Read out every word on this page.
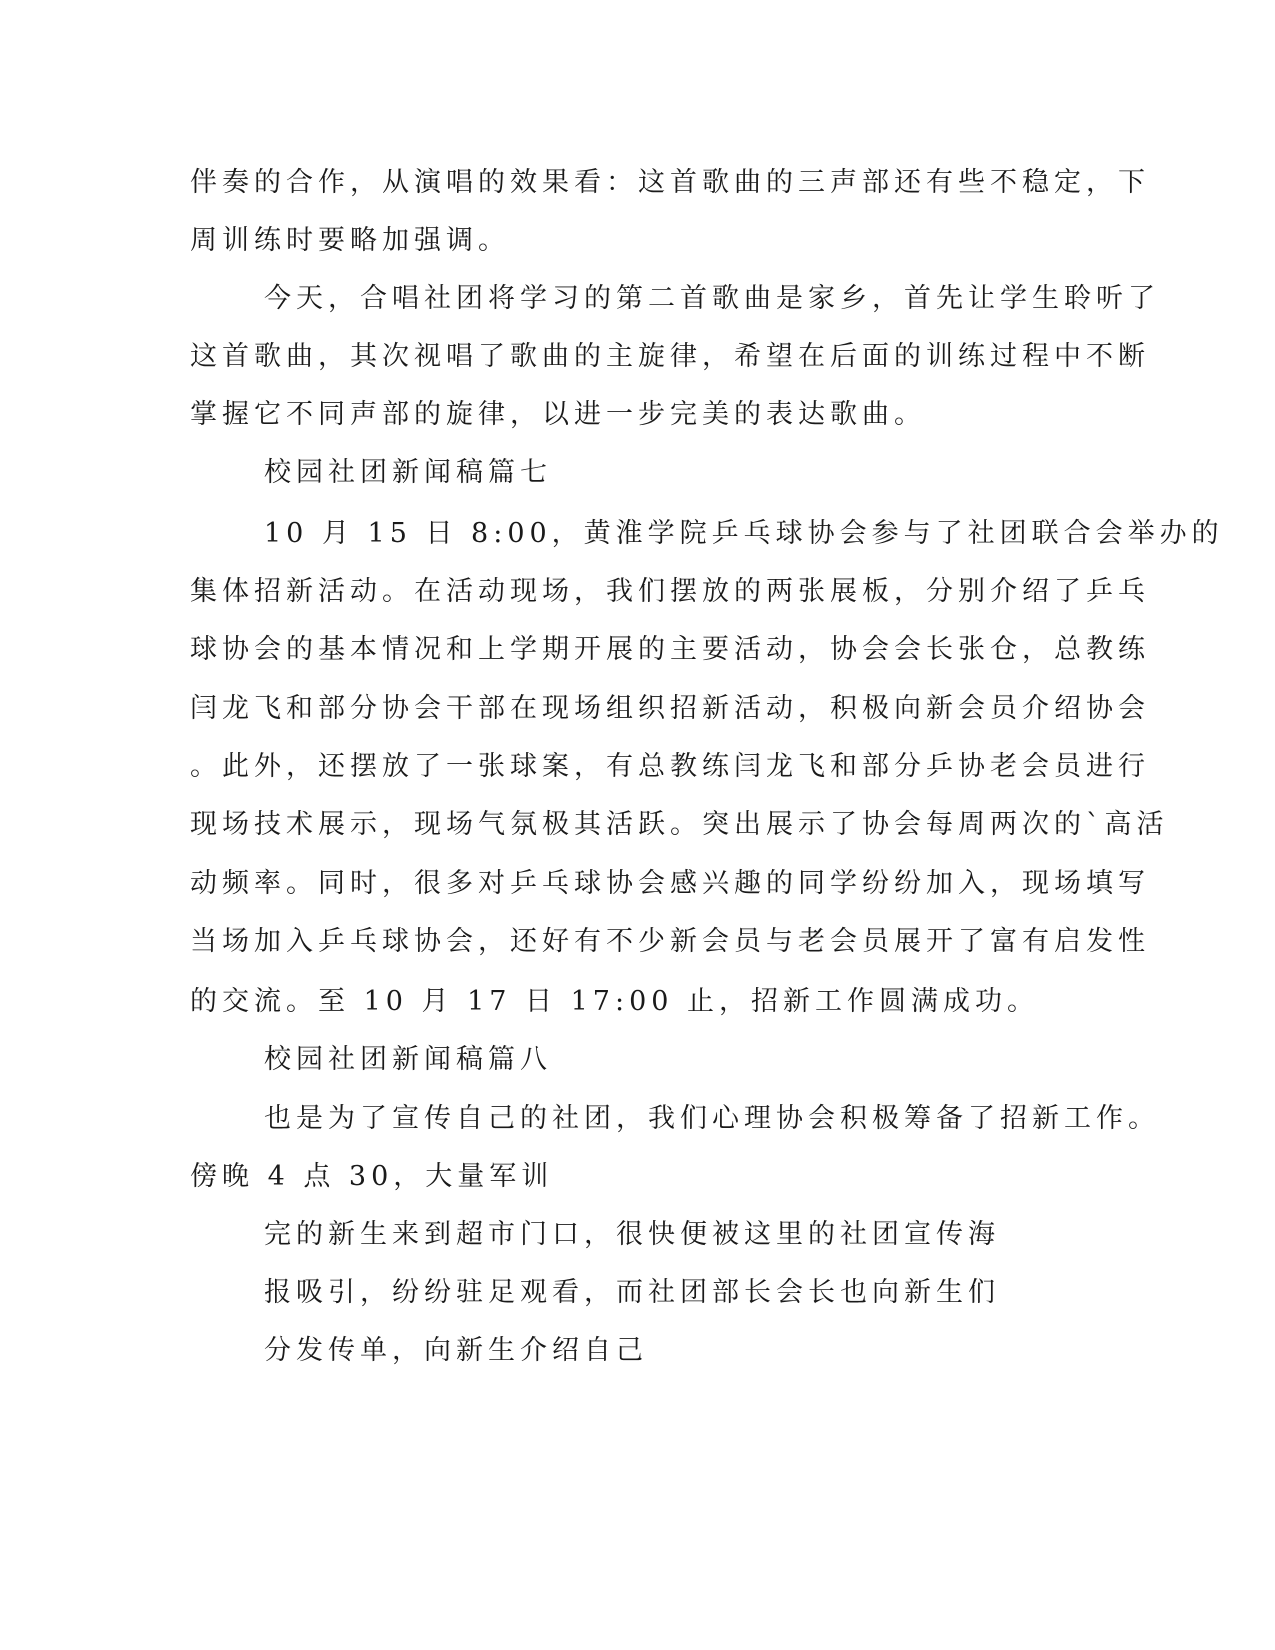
伴奏的合作，从演唱的效果看：这首歌曲的三声部还有些不稳定，下
周训练时要略加强调。
今天，合唱社团将学习的第二首歌曲是家乡，首先让学生聆听了
这首歌曲，其次视唱了歌曲的主旋律，希望在后面的训练过程中不断
掌握它不同声部的旋律，以进一步完美的表达歌曲。
校园社团新闻稿篇七
10 月 15 日 8:00，黄淮学院乒乓球协会参与了社团联合会举办的
集体招新活动。在活动现场，我们摆放的两张展板，分别介绍了乒乓
球协会的基本情况和上学期开展的主要活动，协会会长张仓，总教练
闫龙飞和部分协会干部在现场组织招新活动，积极向新会员介绍协会
。此外，还摆放了一张球案，有总教练闫龙飞和部分乒协老会员进行
现场技术展示，现场气氛极其活跃。突出展示了协会每周两次的`高活
动频率。同时，很多对乒乓球协会感兴趣的同学纷纷加入，现场填写
当场加入乒乓球协会，还好有不少新会员与老会员展开了富有启发性
的交流。至 10 月 17 日 17:00 止，招新工作圆满成功。
校园社团新闻稿篇八
也是为了宣传自己的社团，我们心理协会积极筹备了招新工作。
傍晚 4 点 30，大量军训
完的新生来到超市门口，很快便被这里的社团宣传海
报吸引，纷纷驻足观看，而社团部长会长也向新生们
分发传单，向新生介绍自己
